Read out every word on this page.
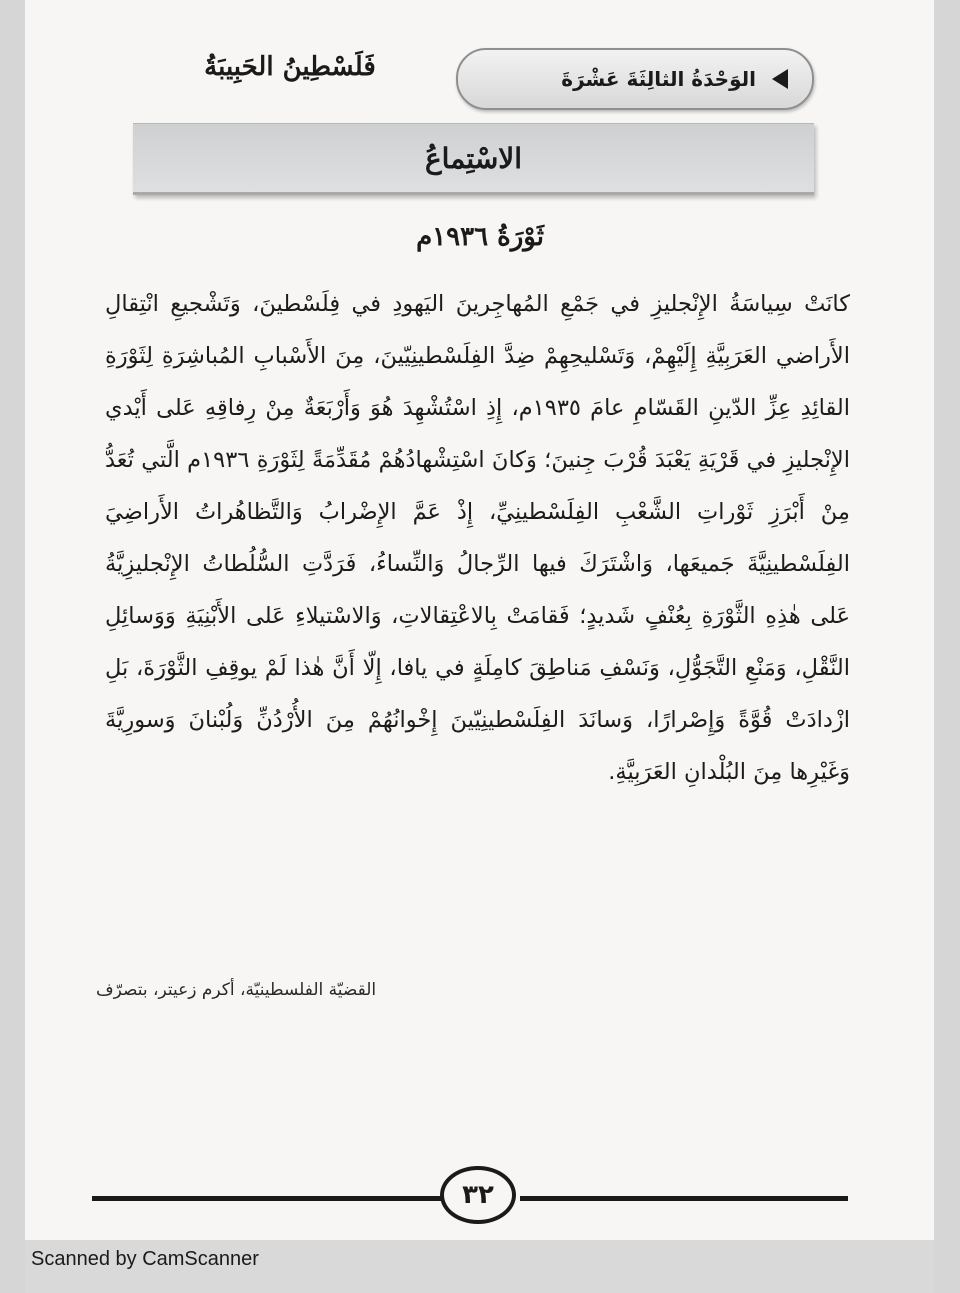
الوَحْدَةُ الثالِثَةَ عَشْرَةَ
فَلَسْطِينُ الحَبِيبَةُ
الاسْتِماعُ
ثَوْرَةُ ١٩٣٦م
كانَتْ سِياسَةُ الإِنْجليزِ في جَمْعِ المُهاجِرينَ اليَهودِ في فِلَسْطينَ، وَتَشْجيعِ انْتِقالِ الأَراضي العَرَبِيَّةِ إِلَيْهِمْ، وَتَسْليحِهِمْ ضِدَّ الفِلَسْطينِيّينَ، مِنَ الأَسْبابِ المُباشِرَةِ لِثَوْرَةِ القائِدِ عِزِّ الدّينِ القَسّامِ عامَ ١٩٣٥م، إِذِ اسْتُشْهِدَ هُوَ وَأَرْبَعَةٌ مِنْ رِفاقِهِ عَلى أَيْدي الإِنْجليزِ في قَرْيَةِ يَعْبَدَ قُرْبَ جِنينَ؛ وَكانَ اسْتِشْهادُهُمْ مُقَدِّمَةً لِثَوْرَةِ ١٩٣٦م الَّتي تُعَدُّ مِنْ أَبْرَزِ ثَوْراتِ الشَّعْبِ الفِلَسْطينِيِّ، إِذْ عَمَّ الإِضْرابُ وَالتَّظاهُراتُ الأَراضِيَ الفِلَسْطينِيَّةَ جَميعَها، وَاشْتَرَكَ فيها الرِّجالُ وَالنِّساءُ، فَرَدَّتِ السُّلُطاتُ الإِنْجليزِيَّةُ عَلى هٰذِهِ الثَّوْرَةِ بِعُنْفٍ شَديدٍ؛ فَقامَتْ بِالاعْتِقالاتِ، وَالاسْتيلاءِ عَلى الأَبْنِيَةِ وَوَسائِلِ النَّقْلِ، وَمَنْعِ التَّجَوُّلِ، وَنَسْفِ مَناطِقَ كامِلَةٍ في يافا، إِلّا أَنَّ هٰذا لَمْ يوقِفِ الثَّوْرَةَ، بَلِ ازْدادَتْ قُوَّةً وَإِصْرارًا، وَسانَدَ الفِلَسْطينِيّينَ إِخْوانُهُمْ مِنَ الأُرْدُنِّ وَلُبْنانَ وَسورِيَّةَ وَغَيْرِها مِنَ البُلْدانِ العَرَبِيَّةِ.
القضيّة الفلسطينيّة، أكرم زعيتر، بتصرّف
٣٢
Scanned by CamScanner
